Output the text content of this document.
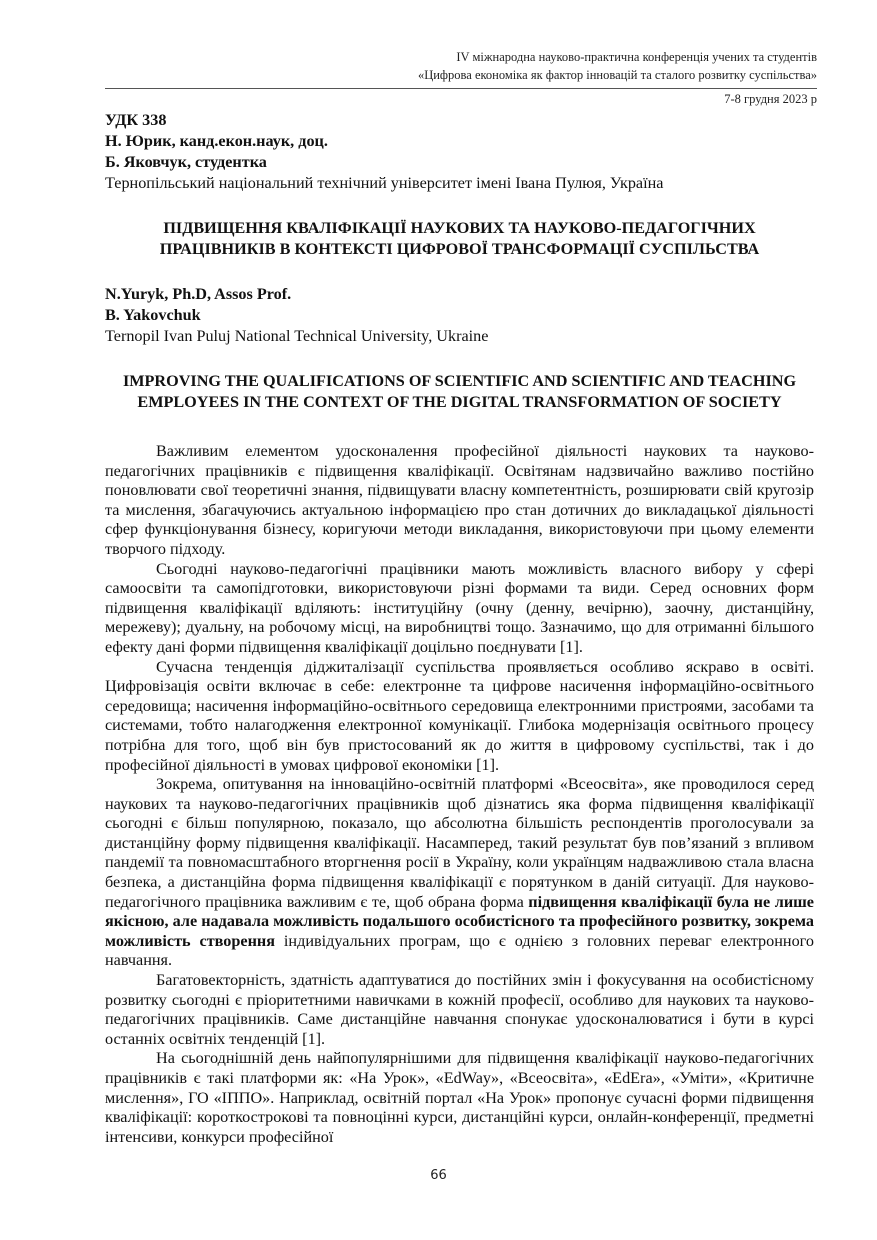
IV міжнародна науково-практична конференція учених та студентів
«Цифрова економіка як фактор інновацій та сталого розвитку суспільства»
7-8 грудня 2023 р

УДК 338

Н. Юрик, канд.екон.наук, доц.

Б. Яковчук, студентка

Тернопільський національний технічний університет імені Івана Пулюя, Україна

ПІДВИЩЕННЯ КВАЛІФІКАЦІЇ НАУКОВИХ ТА НАУКОВО-ПЕДАГОГІЧНИХ ПРАЦІВНИКІВ В КОНТЕКСТІ ЦИФРОВОЇ ТРАНСФОРМАЦІЇ СУСПІЛЬСТВА

N.Yuryk, Ph.D, Assos Prof.

B. Yakovchuk

Ternopil Ivan Puluj National Technical University, Ukraine

IMPROVING THE QUALIFICATIONS OF SCIENTIFIC AND SCIENTIFIC AND TEACHING EMPLOYEES IN THE CONTEXT OF THE DIGITAL TRANSFORMATION OF SOCIETY

Важливим елементом удосконалення професійної діяльності наукових та науково-педагогічних працівників є підвищення кваліфікації. Освітянам надзвичайно важливо постійно поновлювати свої теоретичні знання, підвищувати власну компетентність, розширювати свій кругозір та мислення, збагачуючись актуальною інформацією про стан дотичних до викладацької діяльності сфер функціонування бізнесу, коригуючи методи викладання, використовуючи при цьому елементи творчого підходу.

Сьогодні науково-педагогічні працівники мають можливість власного вибору у сфері самоосвіти та самопідготовки, використовуючи різні формами та види. Серед основних форм підвищення кваліфікації вділяють: інституційну (очну (денну, вечірню), заочну, дистанційну, мережеву); дуальну, на робочому місці, на виробництві тощо. Зазначимо, що для отриманні більшого ефекту дані форми підвищення кваліфікації доцільно поєднувати [1].

Сучасна тенденція діджиталізації суспільства проявляється особливо яскраво в освіті. Цифровізація освіти включає в себе: електронне та цифрове насичення інформаційно-освітнього середовища; насичення інформаційно-освітнього середовища електронними пристроями, засобами та системами, тобто налагодження електронної комунікації. Глибока модернізація освітнього процесу потрібна для того, щоб він був пристосований як до життя в цифровому суспільстві, так і до професійної діяльності в умовах цифрової економіки [1].

Зокрема, опитування на інноваційно-освітній платформі «Всеосвіта», яке проводилося серед наукових та науково-педагогічних працівників щоб дізнатись яка форма підвищення кваліфікації сьогодні є більш популярною, показало, що абсолютна більшість респондентів проголосували за дистанційну форму підвищення кваліфікації. Насамперед, такий результат був пов’язаний з впливом пандемії та повномасштабного вторгнення росії в Україну, коли українцям надважливою стала власна безпека, а дистанційна форма підвищення кваліфікації є порятунком в даній ситуації. Для науково-педагогічного працівника важливим є те, щоб обрана форма підвищення кваліфікації була не лише якісною, але надавала можливість подальшого особистісного та професійного розвитку, зокрема можливість створення індивідуальних програм, що є однією з головних переваг електронного навчання.

Багатовекторність, здатність адаптуватися до постійних змін і фокусування на особистісному розвитку сьогодні є пріоритетними навичками в кожній професії, особливо для наукових та науково-педагогічних працівників. Саме дистанційне навчання спонукає удосконалюватися і бути в курсі останніх освітніх тенденцій [1].

На сьогоднішній день найпопулярнішими для підвищення кваліфікації науково-педагогічних працівників є такі платформи як: «На Урок», «EdWay», «Всеосвіта», «EdEra», «Уміти», «Критичне мислення», ГО «ІППО». Наприклад, освітній портал «На Урок» пропонує сучасні форми підвищення кваліфікації: короткострокові та повноцінні курси, дистанційні курси, онлайн-конференції, предметні інтенсиви, конкурси професійної

66
